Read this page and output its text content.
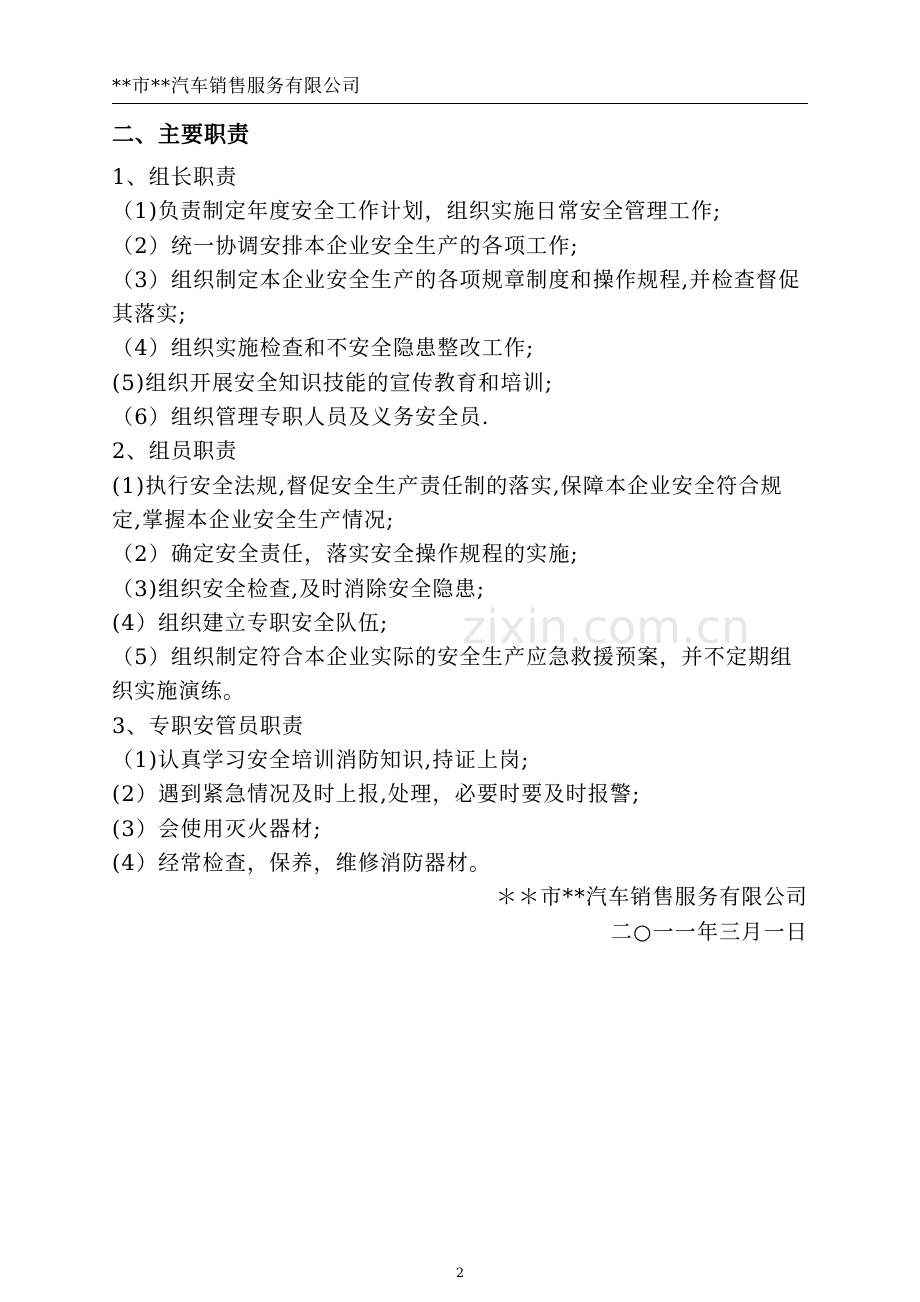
**市**汽车销售服务有限公司
zixin.com.cn
二、主要职责
1、组长职责
（1)负责制定年度安全工作计划，组织实施日常安全管理工作;
（2）统一协调安排本企业安全生产的各项工作;
（3）组织制定本企业安全生产的各项规章制度和操作规程,并检查督促其落实;
（4）组织实施检查和不安全隐患整改工作;
(5)组织开展安全知识技能的宣传教育和培训;
（6）组织管理专职人员及义务安全员.
2、组员职责
(1)执行安全法规,督促安全生产责任制的落实,保障本企业安全符合规定,掌握本企业安全生产情况;
（2）确定安全责任，落实安全操作规程的实施;
（3)组织安全检查,及时消除安全隐患;
(4）组织建立专职安全队伍;
（5）组织制定符合本企业实际的安全生产应急救援预案，并不定期组织实施演练。
3、专职安管员职责
（1)认真学习安全培训消防知识,持证上岗;
(2）遇到紧急情况及时上报,处理，必要时要及时报警;
(3）会使用灭火器材;
(4）经常检查，保养，维修消防器材。
＊＊市**汽车销售服务有限公司
二○一一年三月一日
2
